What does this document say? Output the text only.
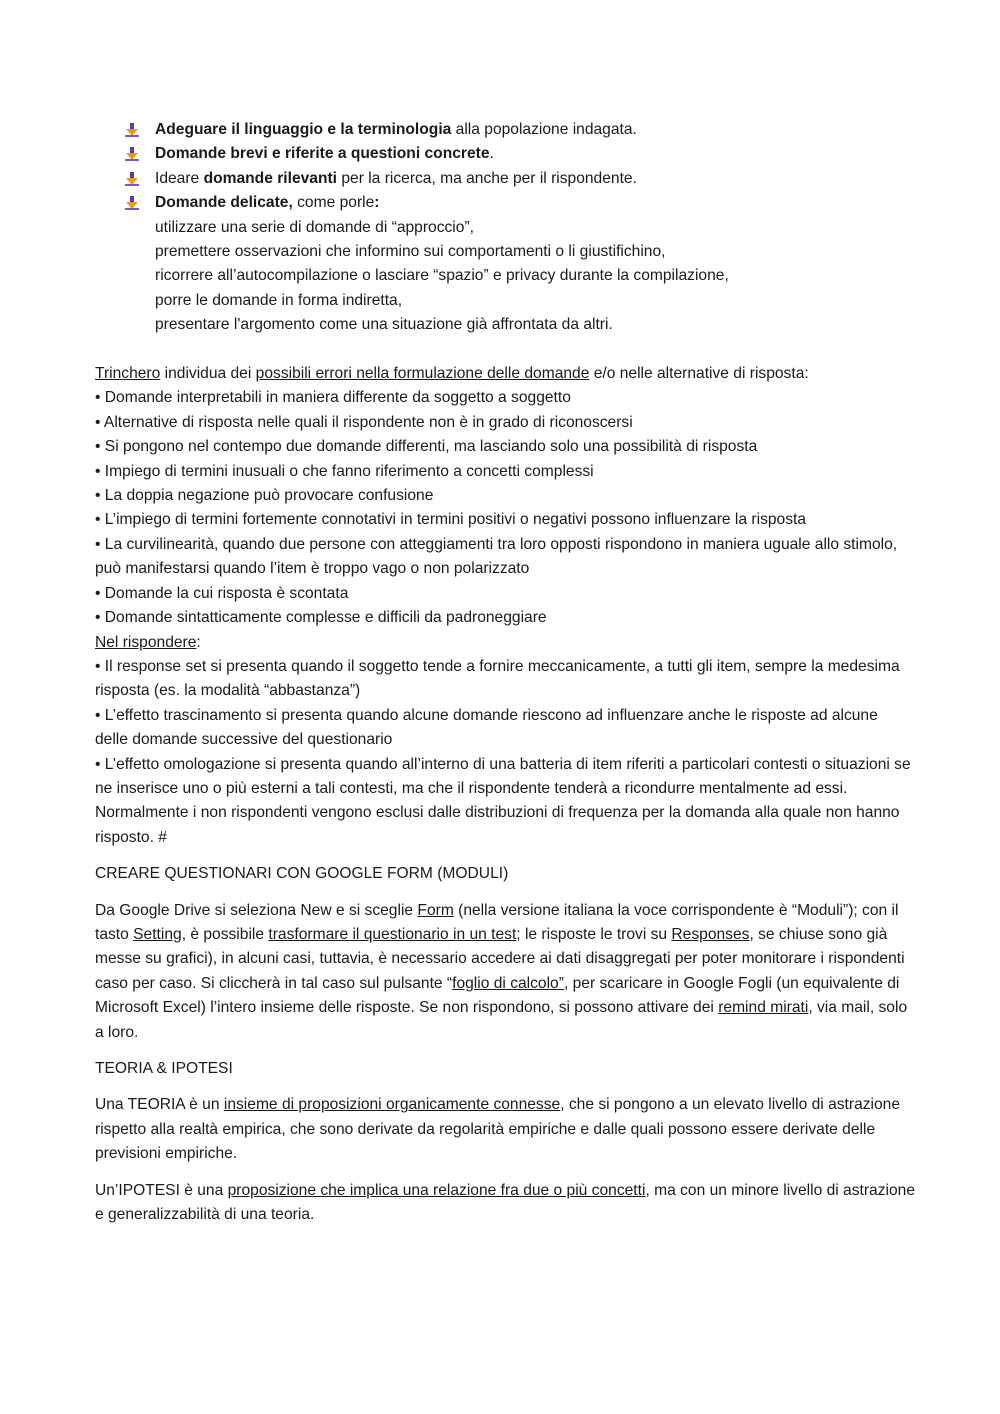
Adeguare il linguaggio e la terminologia alla popolazione indagata.
Domande brevi e riferite a questioni concrete.
Ideare domande rilevanti per la ricerca, ma anche per il rispondente.
Domande delicate, come porle:
utilizzare una serie di domande di “approccio”,
premettere osservazioni che informino sui comportamenti o li giustifichino,
ricorrere all’autocompilazione o lasciare “spazio” e privacy durante la compilazione,
porre le domande in forma indiretta,
presentare l'argomento come una situazione già affrontata da altri.

Trinchero individua dei possibili errori nella formulazione delle domande e/o nelle alternative di risposta:

• Domande interpretabili in maniera differente da soggetto a soggetto
• Alternative di risposta nelle quali il rispondente non è in grado di riconoscersi
• Si pongono nel contempo due domande differenti, ma lasciando solo una possibilità di risposta
• Impiego di termini inusuali o che fanno riferimento a concetti complessi
• La doppia negazione può provocare confusione
• L’impiego di termini fortemente connotativi in termini positivi o negativi possono influenzare la risposta
• La curvilinearità, quando due persone con atteggiamenti tra loro opposti rispondono in maniera uguale allo stimolo, può manifestarsi quando l’item è troppo vago o non polarizzato
• Domande la cui risposta è scontata
• Domande sintatticamente complesse e difficili da padroneggiare

Nel rispondere:

• Il response set si presenta quando il soggetto tende a fornire meccanicamente, a tutti gli item, sempre la medesima risposta (es. la modalità “abbastanza”)
• L’effetto trascinamento si presenta quando alcune domande riescono ad influenzare anche le risposte ad alcune delle domande successive del questionario
• L’effetto omologazione si presenta quando all’interno di una batteria di item riferiti a particolari contesti o situazioni se ne inserisce uno o più esterni a tali contesti, ma che il rispondente tenderà a ricondurre mentalmente ad essi.

Normalmente i non rispondenti vengono esclusi dalle distribuzioni di frequenza per la domanda alla quale non hanno risposto. #

CREARE QUESTIONARI CON GOOGLE FORM (MODULI)

Da Google Drive si seleziona New e si sceglie Form (nella versione italiana la voce corrispondente è “Moduli”); con il tasto Setting, è possibile trasformare il questionario in un test; le risposte le trovi su Responses, se chiuse sono già messe su grafici), in alcuni casi, tuttavia, è necessario accedere ai dati disaggregati per poter monitorare i rispondenti caso per caso. Si cliccherà in tal caso sul pulsante “foglio di calcolo”, per scaricare in Google Fogli (un equivalente di Microsoft Excel) l’intero insieme delle risposte. Se non rispondono, si possono attivare dei remind mirati, via mail, solo a loro.

TEORIA & IPOTESI

Una TEORIA è un insieme di proposizioni organicamente connesse, che si pongono a un elevato livello di astrazione rispetto alla realtà empirica, che sono derivate da regolarità empiriche e dalle quali possono essere derivate delle previsioni empiriche.

Un’IPOTESI è una proposizione che implica una relazione fra due o più concetti, ma con un minore livello di astrazione e generalizzabilità di una teoria.
